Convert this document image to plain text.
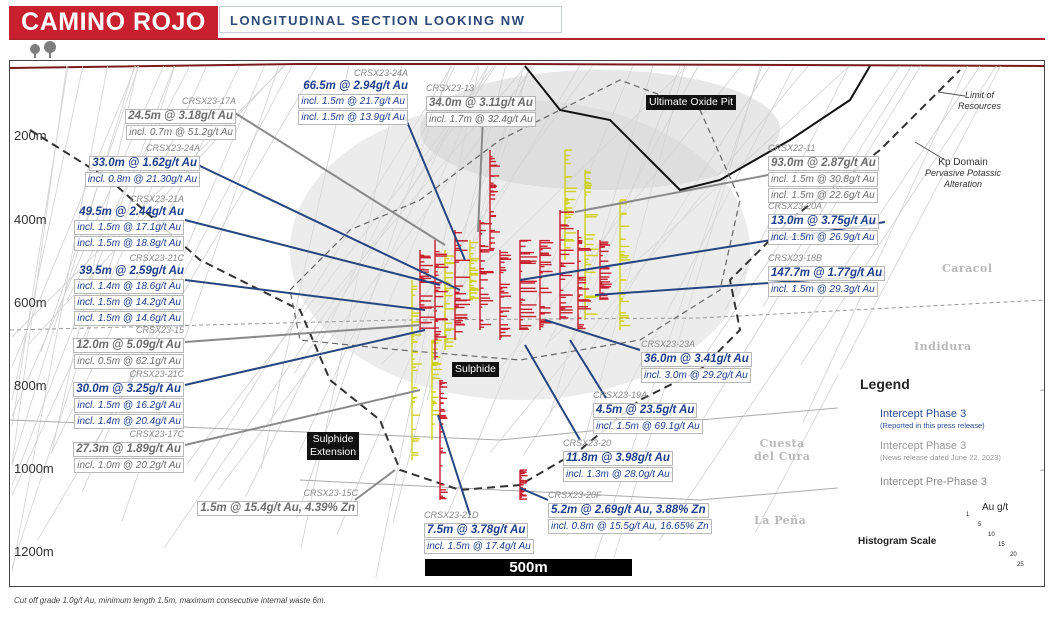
CAMINO ROJO	LONGITUDINAL SECTION LOOKING NW
200m
400m
600m
800m
1000m
1200m
Ultimate Oxide Pit
Sulphide
Sulphide
Extension
Caracol
Indidura
Cuesta
del Cura
La Peña
Limit of
Resources
Kp Domain
Pervasive Potassic
Alteration
CRSX23-17A
24.5m @ 3.18g/t Au
incl. 0.7m @ 51.2g/t Au
CRSX23-24A
66.5m @ 2.94g/t Au
incl. 1.5m @ 21.7g/t Au
incl. 1.5m @ 13.9g/t Au
CRSX23-13
34.0m @ 3.11g/t Au
incl. 1.7m @ 32.4g/t Au
CRSX23-24A
33.0m @ 1.62g/t Au
incl. 0.8m @ 21.30g/t Au
CRSX23-21A
49.5m @ 2.44g/t Au
incl. 1.5m @ 17.1g/t Au
incl. 1.5m @ 18.8g/t Au
CRSX23-21C
39.5m @ 2.59g/t Au
incl. 1.4m @ 18.6g/t Au
incl. 1.5m @ 14.2g/t Au
incl. 1.5m @ 14.6g/t Au
CRSX23-15
12.0m @ 5.09g/t Au
incl. 0.5m @ 62.1g/t Au
CRSX23-21C
30.0m @ 3.25g/t Au
incl. 1.5m @ 16.2g/t Au
incl. 1.4m @ 20.4g/t Au
CRSX23-17C
27.3m @ 1.89g/t Au
incl. 1.0m @ 20.2g/t Au
CRSX23-15C
1.5m @ 15.4g/t Au, 4.39% Zn
CRSX22-11
93.0m @ 2.87g/t Au
incl. 1.5m @ 30.8g/t Au
incl. 1.5m @ 22.6g/t Au
CRSX23-20A
13.0m @ 3.75g/t Au
incl. 1.5m @ 26.9g/t Au
CRSX23-18B
147.7m @ 1.77g/t Au
incl. 1.5m @ 29.3g/t Au
CRSX23-23A
36.0m @ 3.41g/t Au
incl. 3.0m @ 29.2g/t Au
CRSX23-19A
4.5m @ 23.5g/t Au
incl. 1.5m @ 69.1g/t Au
CRSX23-20
11.8m @ 3.98g/t Au
incl. 1.3m @ 28.0g/t Au
CRSX23-20F
5.2m @ 2.69g/t Au, 3.88% Zn
incl. 0.8m @ 15.5g/t Au, 16.65% Zn
CRSX23-21D
7.5m @ 3.78g/t Au
incl. 1.5m @ 17.4g/t Au
Legend
Intercept Phase 3
(Reported in this press release)
Intercept Phase 3
(News release dated June 22, 2023)
Intercept Pre-Phase 3
Au g/t
Histogram Scale
1
5
10
15
20
25
500m
Cut off grade 1.0g/t Au, minimum length 1.5m, maximum consecutive internal waste 6m.
